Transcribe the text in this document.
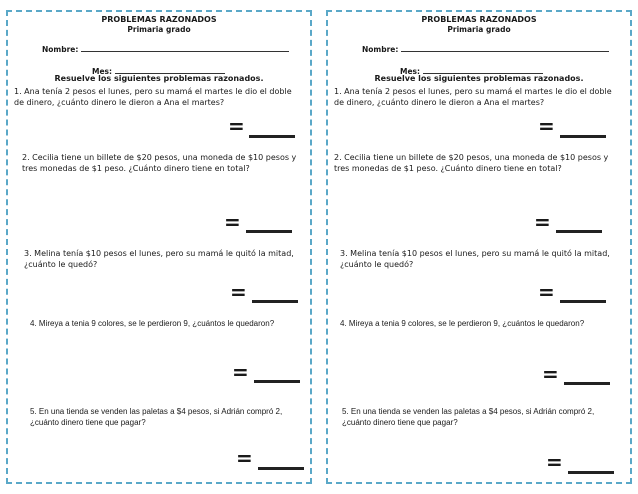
PROBLEMAS RAZONADOS
Primaria grado
Nombre:
Mes:
Resuelve los siguientes problemas razonados.
1. Ana tenía 2 pesos el lunes, pero su mamá el martes le dio el doble de dinero, ¿cuánto dinero le dieron a Ana el martes?
=
2. Cecilia tiene un billete de $20 pesos, una moneda de $10 pesos y tres monedas de $1 peso. ¿Cuánto dinero tiene en total?
=
3. Melina tenía $10 pesos el lunes, pero su mamá le quitó la mitad, ¿cuánto le quedó?
=
4. Mireya a tenia 9 colores, se le perdieron 9, ¿cuántos le quedaron?
=
5. En una tienda se venden las paletas a $4 pesos, si Adrián compró 2, ¿cuánto dinero tiene que pagar?
=
PROBLEMAS RAZONADOS
Primaria grado
Nombre:
Mes:
Resuelve los siguientes problemas razonados.
1. Ana tenía 2 pesos el lunes, pero su mamá el martes le dio el doble de dinero, ¿cuánto dinero le dieron a Ana el martes?
=
2. Cecilia tiene un billete de $20 pesos, una moneda de $10 pesos y tres monedas de $1 peso. ¿Cuánto dinero tiene en total?
=
3. Melina tenía $10 pesos el lunes, pero su mamá le quitó la mitad, ¿cuánto le quedó?
=
4. Mireya a tenia 9 colores, se le perdieron 9, ¿cuántos le quedaron?
=
5. En una tienda se venden las paletas a $4 pesos, si Adrián compró 2, ¿cuánto dinero tiene que pagar?
=
